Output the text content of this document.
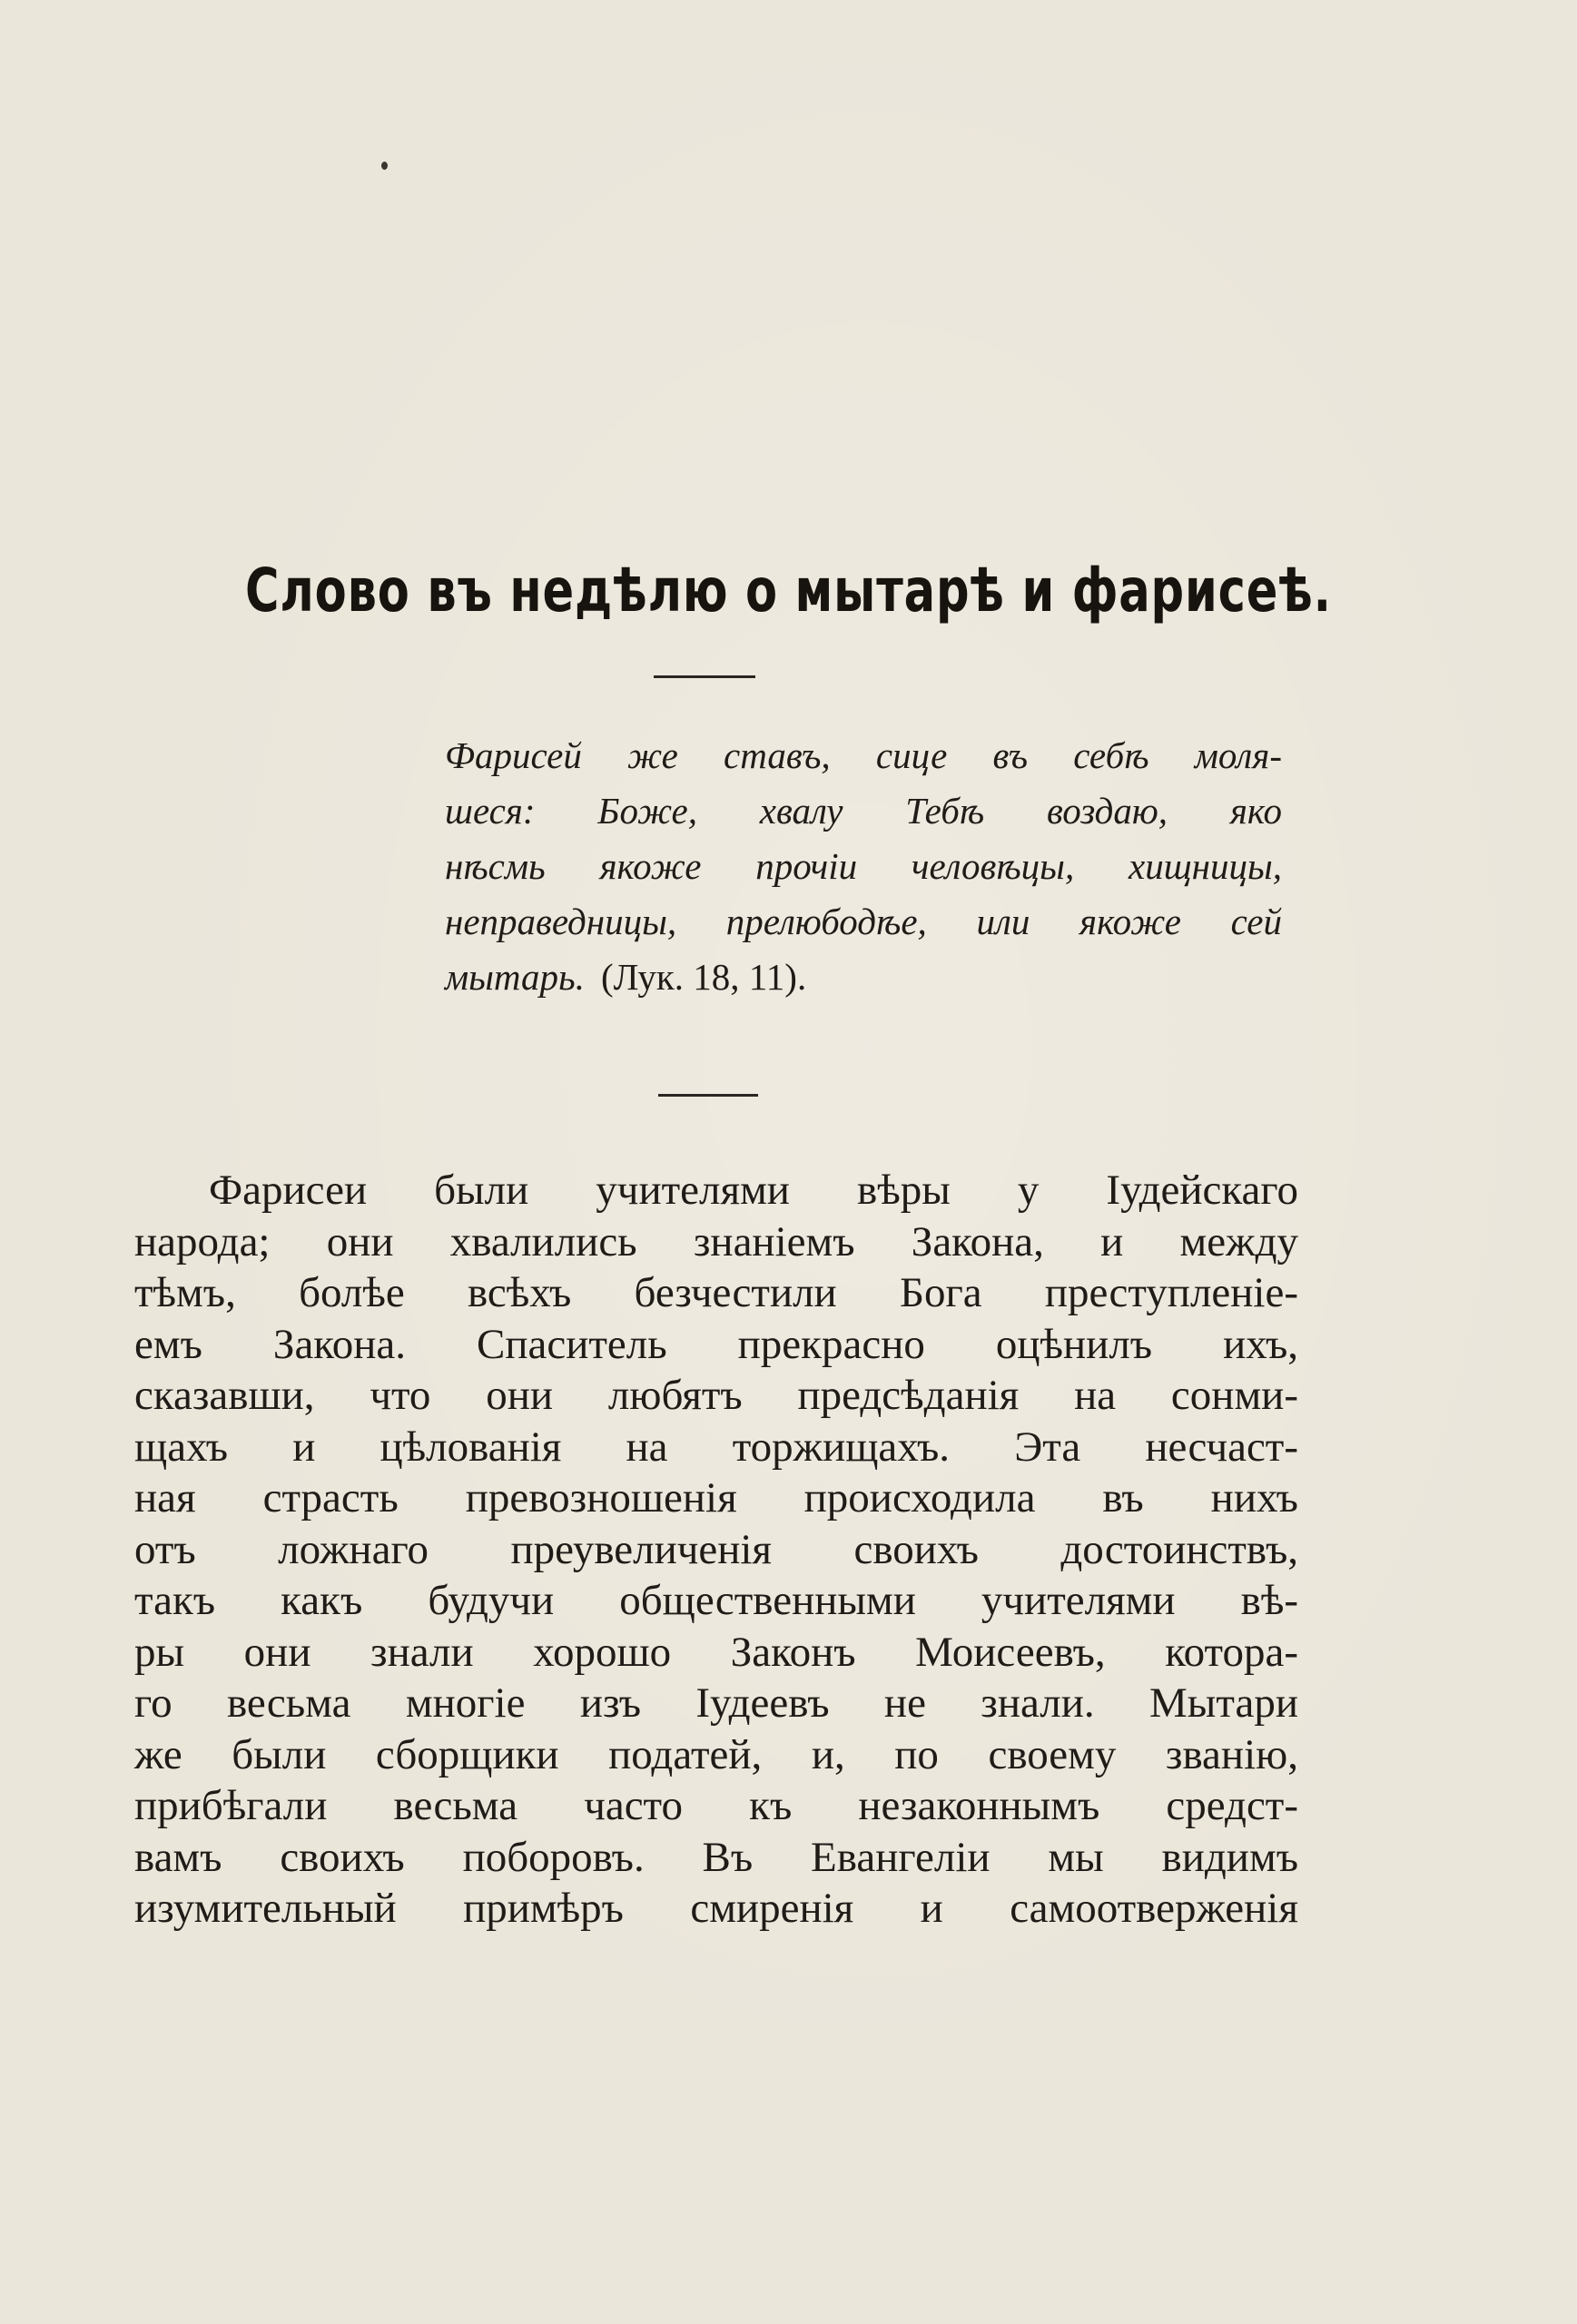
Слово въ недѣлю о мытарѣ и фарисеѣ.
Фарисей же ставъ, сице въ себѣ моля-
шеся: Боже, хвалу Тебѣ воздаю, яко
нѣсмь якоже прочіи человѣцы, хищницы,
неправедницы, прелюбодѣе, или якоже сей
мытарь. (Лук. 18, 11).
Фарисеи были учителями вѣры у Іудейскаго
народа; они хвалились знаніемъ Закона, и между
тѣмъ, болѣе всѣхъ безчестили Бога преступленіе-
емъ Закона. Спаситель прекрасно оцѣнилъ ихъ,
сказавши, что они любятъ предсѣданія на сонми-
щахъ и цѣлованія на торжищахъ. Эта несчаст-
ная страсть превозношенія происходила въ нихъ
отъ ложнаго преувеличенія своихъ достоинствъ,
такъ какъ будучи общественными учителями вѣ-
ры они знали хорошо Законъ Моисеевъ, которa-
го весьма многіе изъ Іудеевъ не знали. Мытари
же были сборщики податей, и, по своему званію,
прибѣгали весьма часто къ незаконнымъ средст-
вамъ своихъ поборовъ. Въ Евангеліи мы видимъ
изумительный примѣръ смиренія и самоотверженія
